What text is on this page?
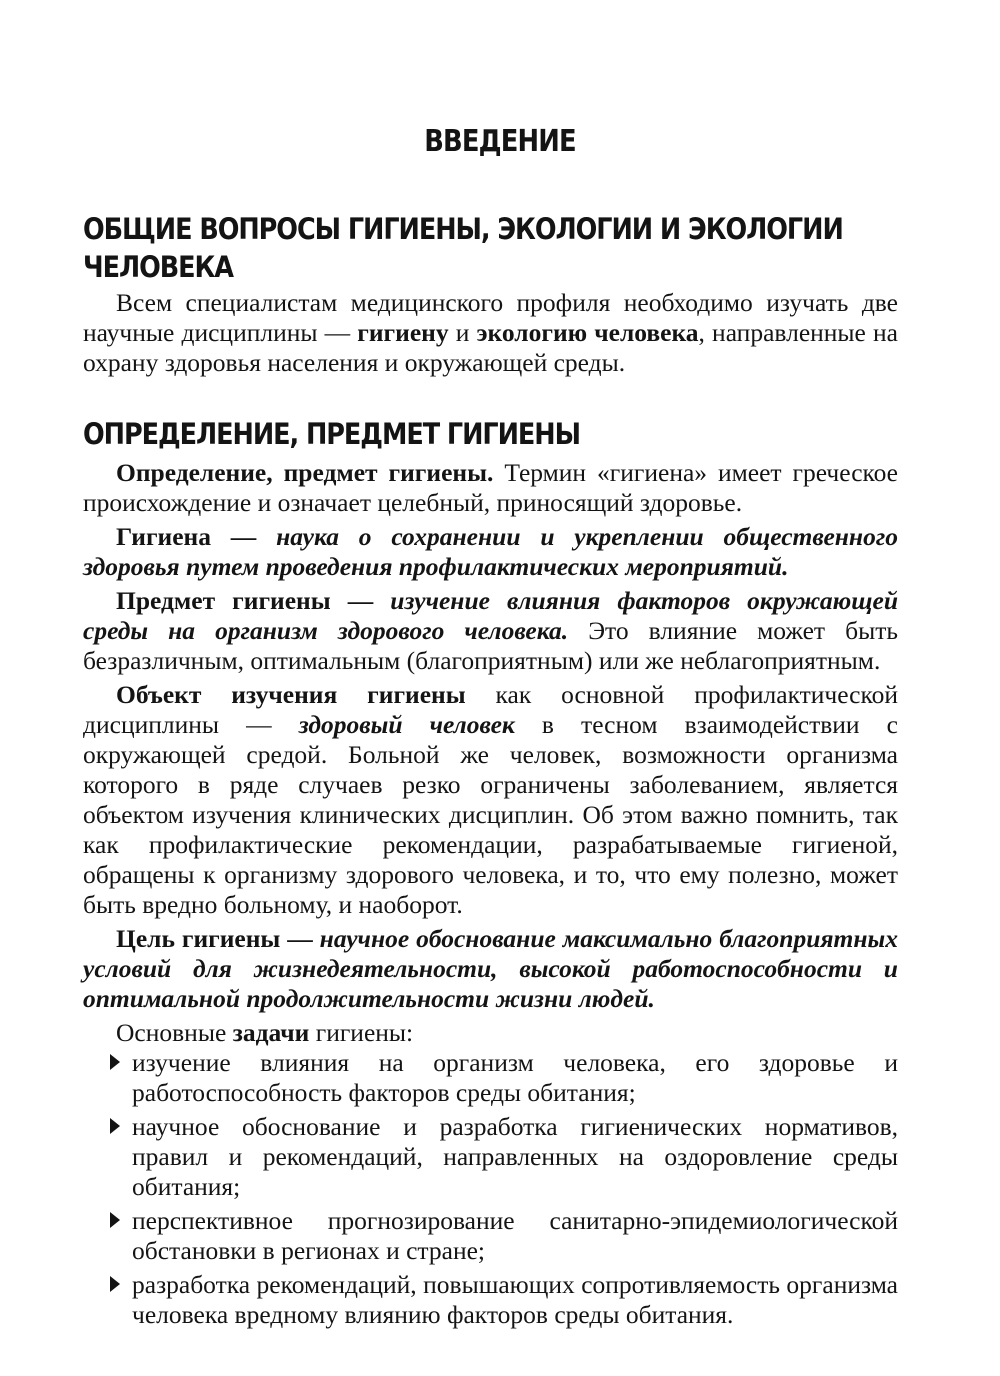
ВВЕДЕНИЕ
ОБЩИЕ ВОПРОСЫ ГИГИЕНЫ, ЭКОЛОГИИ И ЭКОЛОГИИ
ЧЕЛОВЕКА

Всем специалистам медицинского профиля необходимо изучать две научные дисциплины — гигиену и экологию человека, направленные на охрану здоровья населения и окружающей среды.

ОПРЕДЕЛЕНИЕ, ПРЕДМЕТ ГИГИЕНЫ

Определение, предмет гигиены. Термин «гигиена» имеет греческое происхождение и означает целебный, приносящий здоровье.

Гигиена — наука о сохранении и укреплении общественного здоровья путем проведения профилактических мероприятий.

Предмет гигиены — изучение влияния факторов окружающей среды на организм здорового человека. Это влияние может быть безразличным, оптимальным (благоприятным) или же неблагоприятным.

Объект изучения гигиены как основной профилактической дисциплины — здоровый человек в тесном взаимодействии с окружающей средой. Больной же человек, возможности организма которого в ряде случаев резко ограничены заболеванием, является объектом изучения клинических дисциплин. Об этом важно помнить, так как профилактические рекомендации, разрабатываемые гигиеной, обращены к организму здорового человека, и то, что ему полезно, может быть вредно больному, и наоборот.

Цель гигиены — научное обоснование максимально благоприятных условий для жизнедеятельности, высокой работоспособности и оптимальной продолжительности жизни людей.

Основные задачи гигиены:

изучение влияния на организм человека, его здоровье и работоспособность факторов среды обитания;
научное обоснование и разработка гигиенических нормативов, правил и рекомендаций, направленных на оздоровление среды обитания;
перспективное прогнозирование санитарно-эпидемиологической обстановки в регионах и стране;
разработка рекомендаций, повышающих сопротивляемость организма человека вредному влиянию факторов среды обитания.
